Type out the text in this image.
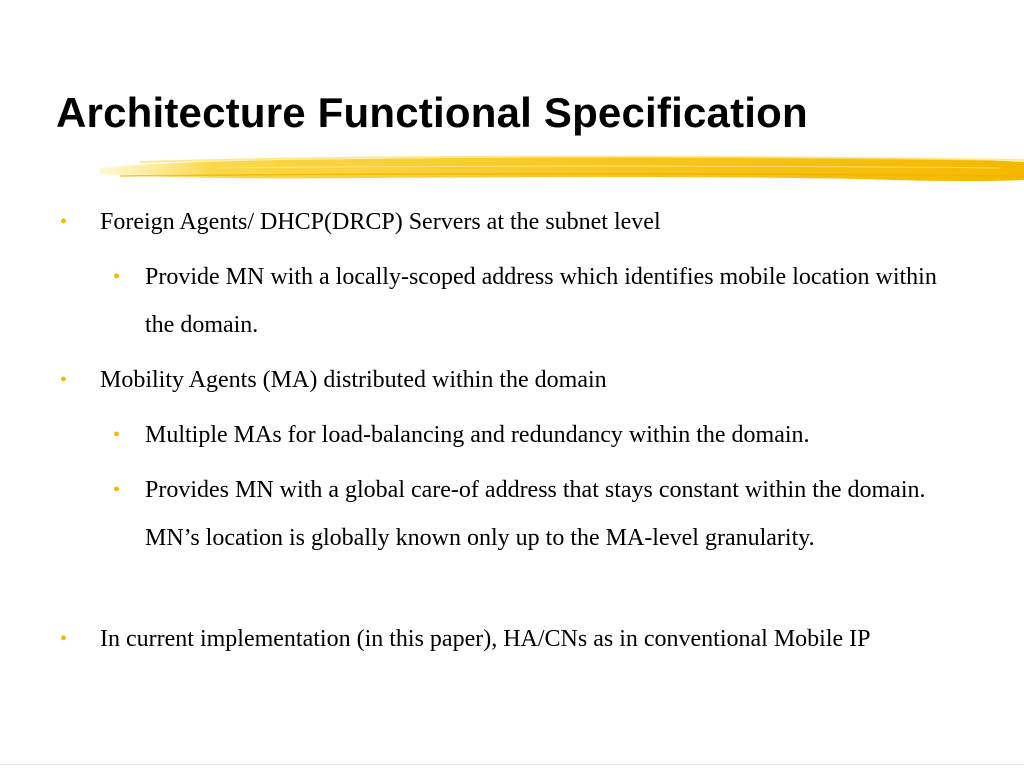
Architecture Functional Specification
• Foreign Agents/ DHCP(DRCP) Servers at the subnet level
• Provide MN with a locally-scoped address which identifies mobile location within the domain.
• Mobility Agents (MA) distributed within the domain
• Multiple MAs for load-balancing and redundancy within the domain.
• Provides MN with a global care-of address that stays constant within the domain. MN’s location is globally known only up to the MA-level granularity.
• In current implementation (in this paper), HA/CNs as in conventional Mobile IP
